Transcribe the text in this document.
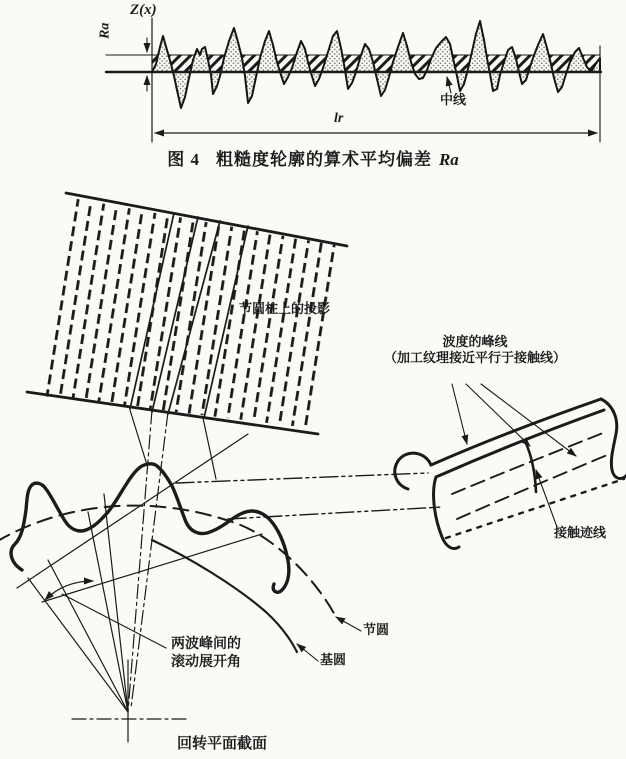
Z(x)
Ra
中线
lr
图 4 粗糙度轮廓的算术平均偏差 Ra
节圆柱上的投影
波度的峰线
（加工纹理接近平行于接触线）
接触迹线
节圆
基圆
两波峰间的
滚动展开角
回转平面截面
